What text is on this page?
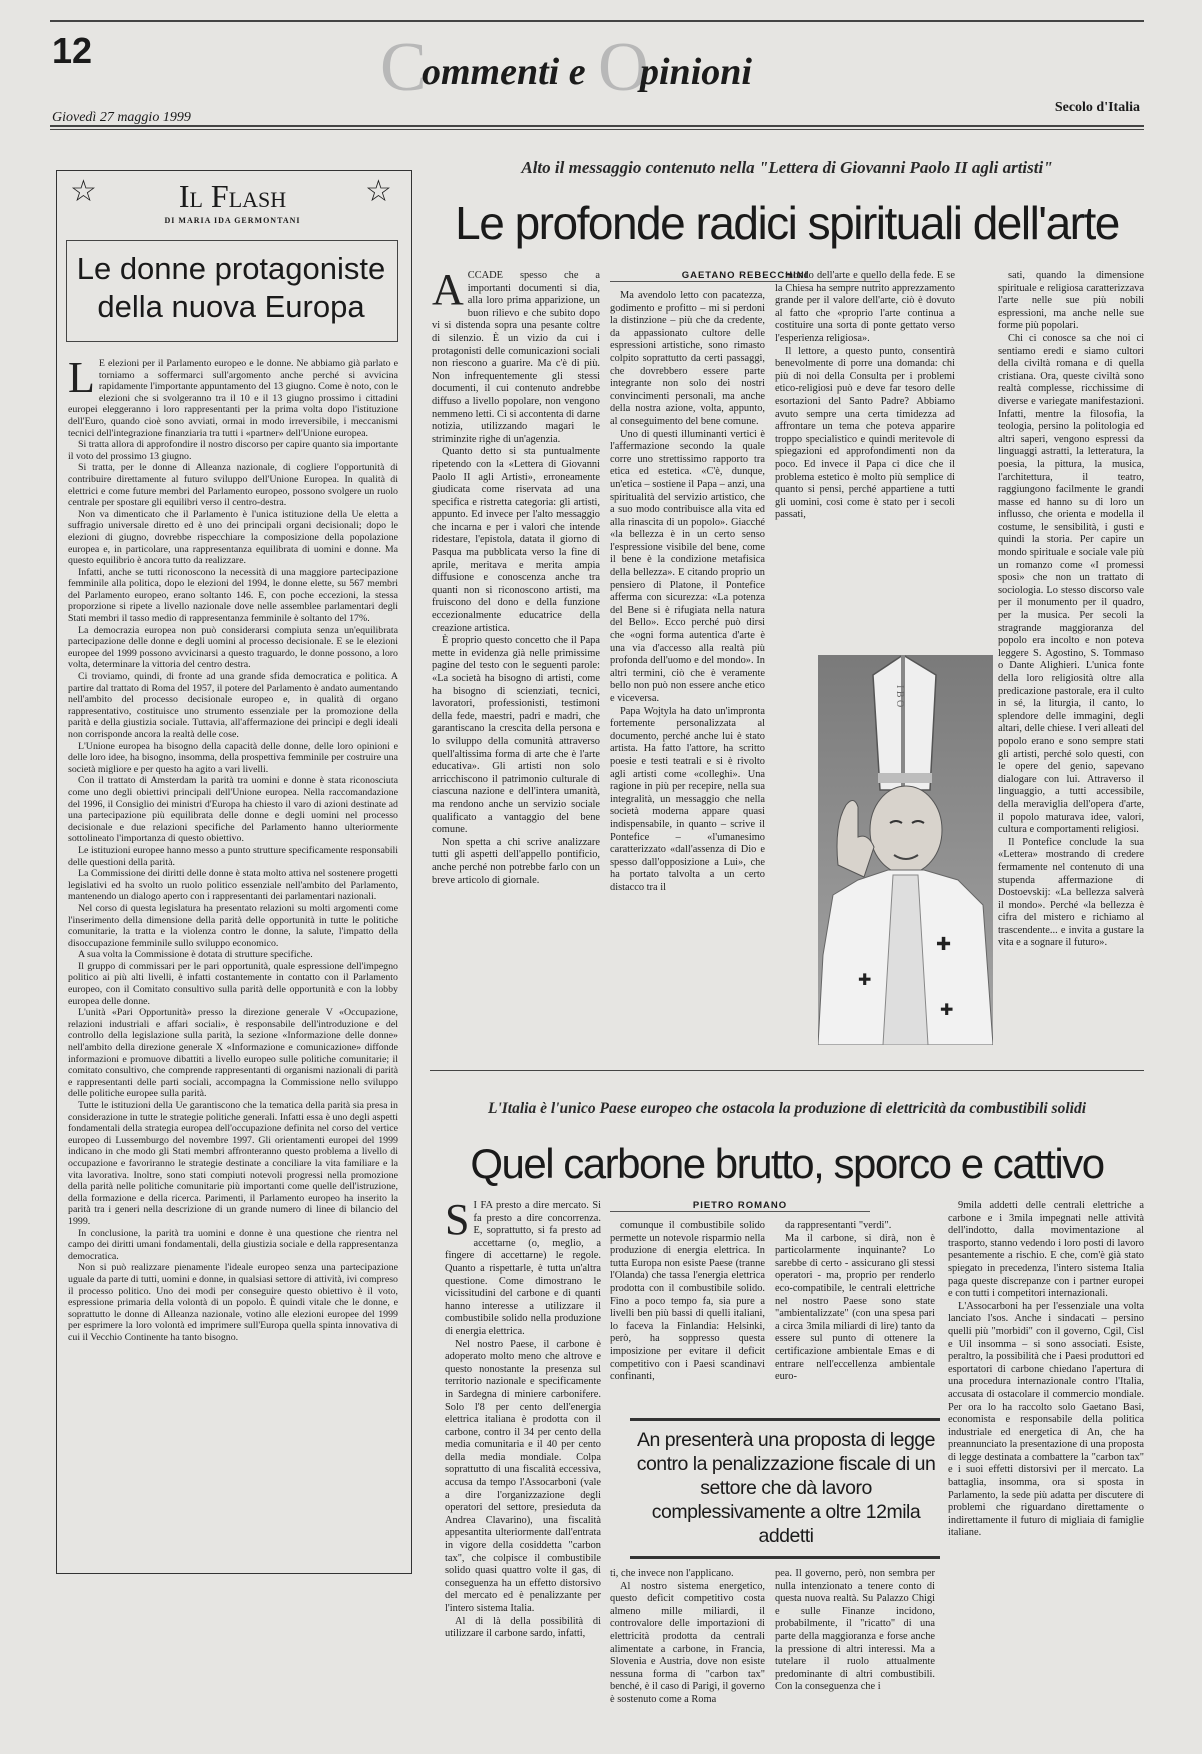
12	C
ommenti e O
pinioni
Giovedì 27 maggio 1999
Secolo d'Italia
☆	☆
Il Flash
DI MARIA IDA GERMONTANI
Le donne protagoniste della nuova Europa

L E elezioni per il Parlamento europeo e le donne. Ne abbiamo già parlato e torniamo a soffermarci sull'argomento anche perché si avvicina rapidamente l'importante appuntamento del 13 giugno. Come è noto, con le elezioni che si svolgeranno tra il 10 e il 13 giugno prossimo i cittadini europei eleggeranno i loro rappresentanti per la prima volta dopo l'istituzione dell'Euro, quando cioè sono avviati, ormai in modo irreversibile, i meccanismi tecnici dell'integrazione finanziaria tra tutti i «partner» dell'Unione europea.

Si tratta allora di approfondire il nostro discorso per capire quanto sia importante il voto del prossimo 13 giugno.

Si tratta, per le donne di Alleanza nazionale, di cogliere l'opportunità di contribuire direttamente al futuro sviluppo dell'Unione Europea. In qualità di elettrici e come future membri del Parlamento europeo, possono svolgere un ruolo centrale per spostare gli equilibri verso il centro-destra.

Non va dimenticato che il Parlamento è l'unica istituzione della Ue eletta a suffragio universale diretto ed è uno dei principali organi decisionali; dopo le elezioni di giugno, dovrebbe rispecchiare la composizione della popolazione europea e, in particolare, una rappresentanza equilibrata di uomini e donne. Ma questo equilibrio è ancora tutto da realizzare.

Infatti, anche se tutti riconoscono la necessità di una maggiore partecipazione femminile alla politica, dopo le elezioni del 1994, le donne elette, su 567 membri del Parlamento europeo, erano soltanto 146. E, con poche eccezioni, la stessa proporzione si ripete a livello nazionale dove nelle assemblee parlamentari degli Stati membri il tasso medio di rappresentanza femminile è soltanto del 17%.

La democrazia europea non può considerarsi compiuta senza un'equilibrata partecipazione delle donne e degli uomini al processo decisionale. E se le elezioni europee del 1999 possono avvicinarsi a questo traguardo, le donne possono, a loro volta, determinare la vittoria del centro destra.

Ci troviamo, quindi, di fronte ad una grande sfida democratica e politica. A partire dal trattato di Roma del 1957, il potere del Parlamento è andato aumentando nell'ambito del processo decisionale europeo e, in qualità di organo rappresentativo, costituisce uno strumento essenziale per la promozione della parità e della giustizia sociale. Tuttavia, all'affermazione dei princìpi e degli ideali non corrisponde ancora la realtà delle cose.

L'Unione europea ha bisogno della capacità delle donne, delle loro opinioni e delle loro idee, ha bisogno, insomma, della prospettiva femminile per costruire una società migliore e per questo ha agito a vari livelli.

Con il trattato di Amsterdam la parità tra uomini e donne è stata riconosciuta come uno degli obiettivi principali dell'Unione europea. Nella raccomandazione del 1996, il Consiglio dei ministri d'Europa ha chiesto il varo di azioni destinate ad una partecipazione più equilibrata delle donne e degli uomini nel processo decisionale e due relazioni specifiche del Parlamento hanno ulteriormente sottolineato l'importanza di questo obiettivo.

Le istituzioni europee hanno messo a punto strutture specificamente responsabili delle questioni della parità.

La Commissione dei diritti delle donne è stata molto attiva nel sostenere progetti legislativi ed ha svolto un ruolo politico essenziale nell'ambito del Parlamento, mantenendo un dialogo aperto con i rappresentanti dei parlamentari nazionali.

Nel corso di questa legislatura ha presentato relazioni su molti argomenti come l'inserimento della dimensione della parità delle opportunità in tutte le politiche comunitarie, la tratta e la violenza contro le donne, la salute, l'impatto della disoccupazione femminile sullo sviluppo economico.

A sua volta la Commissione è dotata di strutture specifiche.

Il gruppo di commissari per le pari opportunità, quale espressione dell'impegno politico ai più alti livelli, è infatti costantemente in contatto con il Parlamento europeo, con il Comitato consultivo sulla parità delle opportunità e con la lobby europea delle donne.

L'unità «Pari Opportunità» presso la direzione generale V «Occupazione, relazioni industriali e affari sociali», è responsabile dell'introduzione e del controllo della legislazione sulla parità, la sezione «Informazione delle donne» nell'ambito della direzione generale X «Informazione e comunicazione» diffonde informazioni e promuove dibattiti a livello europeo sulle politiche comunitarie; il comitato consultivo, che comprende rappresentanti di organismi nazionali di parità e rappresentanti delle parti sociali, accompagna la Commissione nello sviluppo delle politiche europee sulla parità.

Tutte le istituzioni della Ue garantiscono che la tematica della parità sia presa in considerazione in tutte le strategie politiche generali. Infatti essa è uno degli aspetti fondamentali della strategia europea dell'occupazione definita nel corso del vertice europeo di Lussemburgo del novembre 1997. Gli orientamenti europei del 1999 indicano in che modo gli Stati membri affronteranno questo problema a livello di occupazione e favoriranno le strategie destinate a conciliare la vita familiare e la vita lavorativa. Inoltre, sono stati compiuti notevoli progressi nella promozione della parità nelle politiche comunitarie più importanti come quelle dell'istruzione, della formazione e della ricerca. Parimenti, il Parlamento europeo ha inserito la parità tra i generi nella descrizione di un grande numero di linee di bilancio del 1999.

In conclusione, la parità tra uomini e donne è una questione che rientra nel campo dei diritti umani fondamentali, della giustizia sociale e della rappresentanza democratica.

Non si può realizzare pienamente l'ideale europeo senza una partecipazione uguale da parte di tutti, uomini e donne, in qualsiasi settore di attività, ivi compreso il processo politico. Uno dei modi per conseguire questo obiettivo è il voto, espressione primaria della volontà di un popolo. È quindi vitale che le donne, e soprattutto le donne di Alleanza nazionale, votino alle elezioni europee del 1999 per esprimere la loro volontà ed imprimere sull'Europa quella spinta innovativa di cui il Vecchio Continente ha tanto bisogno.

Alto il messaggio contenuto nella "Lettera di Giovanni Paolo II agli artisti"
Le profonde radici spirituali dell'arte

ACCADE spesso che a importanti documenti si dia, alla loro prima apparizione, un buon rilievo e che subito dopo vi si distenda sopra una pesante coltre di silenzio. È un vizio da cui i protagonisti delle comunicazioni sociali non riescono a guarire. Ma c'è di più. Non infrequentemente gli stessi documenti, il cui contenuto andrebbe diffuso a livello popolare, non vengono nemmeno letti. Ci si accontenta di darne notizia, utilizzando magari le striminzite righe di un'agenzia.

Quanto detto si sta puntualmente ripetendo con la «Lettera di Giovanni Paolo II agli Artisti», erroneamente giudicata come riservata ad una specifica e ristretta categoria: gli artisti, appunto. Ed invece per l'alto messaggio che incarna e per i valori che intende ridestare, l'epistola, datata il giorno di Pasqua ma pubblicata verso la fine di aprile, meritava e merita ampia diffusione e conoscenza anche tra quanti non si riconoscono artisti, ma fruiscono del dono e della funzione eccezionalmente educatrice della creazione artistica.

È proprio questo concetto che il Papa mette in evidenza già nelle primissime pagine del testo con le seguenti parole: «La società ha bisogno di artisti, come ha bisogno di scienziati, tecnici, lavoratori, professionisti, testimoni della fede, maestri, padri e madri, che garantiscano la crescita della persona e lo sviluppo della comunità attraverso quell'altissima forma di arte che è l'arte educativa». Gli artisti non solo arricchiscono il patrimonio culturale di ciascuna nazione e dell'intera umanità, ma rendono anche un servizio sociale qualificato a vantaggio del bene comune.

Non spetta a chi scrive analizzare tutti gli aspetti dell'appello pontificio, anche perché non potrebbe farlo con un breve articolo di giornale.

GAETANO REBECCHINI

Ma avendolo letto con pacatezza, godimento e profitto – mi si perdoni la distinzione – più che da credente, da appassionato cultore delle espressioni artistiche, sono rimasto colpito soprattutto da certi passaggi, che dovrebbero essere parte integrante non solo dei nostri convincimenti personali, ma anche della nostra azione, volta, appunto, al conseguimento del bene comune.

Uno di questi illuminanti vertici è l'affermazione secondo la quale corre uno strettissimo rapporto tra etica ed estetica. «C'è, dunque, un'etica – sostiene il Papa – anzi, una spiritualità del servizio artistico, che a suo modo contribuisce alla vita ed alla rinascita di un popolo». Giacché «la bellezza è in un certo senso l'espressione visibile del bene, come il bene è la condizione metafisica della bellezza». E citando proprio un pensiero di Platone, il Pontefice afferma con sicurezza: «La potenza del Bene si è rifugiata nella natura del Bello». Ecco perché può dirsi che «ogni forma autentica d'arte è una via d'accesso alla realtà più profonda dell'uomo e del mondo». In altri termini, ciò che è veramente bello non può non essere anche etico e viceversa.

Papa Wojtyla ha dato un'impronta fortemente personalizzata al documento, perché anche lui è stato artista. Ha fatto l'attore, ha scritto poesie e testi teatrali e si è rivolto agli artisti come «colleghi». Una ragione in più per recepire, nella sua integralità, un messaggio che nella società moderna appare quasi indispensabile, in quanto – scrive il Pontefice – «l'umanesimo caratterizzato «dall'assenza di Dio e spesso dall'opposizione a Lui», che ha portato talvolta a un certo distacco tra il

mondo dell'arte e quello della fede. E se la Chiesa ha sempre nutrito apprezzamento grande per il valore dell'arte, ciò è dovuto al fatto che «proprio l'arte continua a costituire una sorta di ponte gettato verso l'esperienza religiosa».

Il lettore, a questo punto, consentirà benevolmente di porre una domanda: chi più di noi della Consulta per i problemi etico-religiosi può e deve far tesoro delle esortazioni del Santo Padre? Abbiamo avuto sempre una certa timidezza ad affrontare un tema che poteva apparire troppo specialistico e quindi meritevole di spiegazioni ed approfondimenti non da poco. Ed invece il Papa ci dice che il problema estetico è molto più semplice di quanto si pensi, perché appartiene a tutti gli uomini, così come è stato per i secoli passati,

✚
✚
✚
I B O

sati, quando la dimensione spirituale e religiosa caratterizzava l'arte nelle sue più nobili espressioni, ma anche nelle sue forme più popolari.

Chi ci conosce sa che noi ci sentiamo eredi e siamo cultori della civiltà romana e di quella cristiana. Ora, queste civiltà sono realtà complesse, ricchissime di diverse e variegate manifestazioni. Infatti, mentre la filosofia, la teologia, persino la politologia ed altri saperi, vengono espressi da linguaggi astratti, la letteratura, la poesia, la pittura, la musica, l'architettura, il teatro, raggiungono facilmente le grandi masse ed hanno su di loro un influsso, che orienta e modella il costume, le sensibilità, i gusti e quindi la storia. Per capire un mondo spirituale e sociale vale più un romanzo come «I promessi sposi» che non un trattato di sociologia. Lo stesso discorso vale per il monumento per il quadro, per la musica. Per secoli la stragrande maggioranza del popolo era incolto e non poteva leggere S. Agostino, S. Tommaso o Dante Alighieri. L'unica fonte della loro religiosità oltre alla predicazione pastorale, era il culto in sé, la liturgia, il canto, lo splendore delle immagini, degli altari, delle chiese. I veri alleati del popolo erano e sono sempre stati gli artisti, perché solo questi, con le opere del genio, sapevano dialogare con lui. Attraverso il linguaggio, a tutti accessibile, della meraviglia dell'opera d'arte, il popolo maturava idee, valori, cultura e comportamenti religiosi.

Il Pontefice conclude la sua «Lettera» mostrando di credere fermamente nel contenuto di una stupenda affermazione di Dostoevskij: «La bellezza salverà il mondo». Perché «la bellezza è cifra del mistero e richiamo al trascendente... e invita a gustare la vita e a sognare il futuro».

L'Italia è l'unico Paese europeo che ostacola la produzione di elettricità da combustibili solidi
Quel carbone brutto, sporco e cattivo

S I FA presto a dire mercato. Si fa presto a dire concorrenza. E, soprattutto, si fa presto ad accettarne (o, meglio, a fingere di accettarne) le regole. Quanto a rispettarle, è tutta un'altra questione. Come dimostrano le vicissitudini del carbone e di quanti hanno interesse a utilizzare il combustibile solido nella produzione di energia elettrica.

Nel nostro Paese, il carbone è adoperato molto meno che altrove e questo nonostante la presenza sul territorio nazionale e specificamente in Sardegna di miniere carbonifere. Solo l'8 per cento dell'energia elettrica italiana è prodotta con il carbone, contro il 34 per cento della media comunitaria e il 40 per cento della media mondiale. Colpa soprattutto di una fiscalità eccessiva, accusa da tempo l'Assocarboni (vale a dire l'organizzazione degli operatori del settore, presieduta da Andrea Clavarino), una fiscalità appesantita ulteriormente dall'entrata in vigore della cosiddetta "carbon tax", che colpisce il combustibile solido quasi quattro volte il gas, di conseguenza ha un effetto distorsivo del mercato ed è penalizzante per l'intero sistema Italia.

Al di là della possibilità di utilizzare il carbone sardo, infatti,

PIETRO ROMANO

comunque il combustibile solido permette un notevole risparmio nella produzione di energia elettrica. In tutta Europa non esiste Paese (tranne l'Olanda) che tassa l'energia elettrica prodotta con il combustibile solido. Fino a poco tempo fa, sia pure a livelli ben più bassi di quelli italiani, lo faceva la Finlandia: Helsinki, però, ha soppresso questa imposizione per evitare il deficit competitivo con i Paesi scandinavi confinanti,

da rappresentanti "verdi".

Ma il carbone, si dirà, non è particolarmente inquinante? Lo sarebbe di certo - assicurano gli stessi operatori - ma, proprio per renderlo eco-compatibile, le centrali elettriche nel nostro Paese sono state "ambientalizzate" (con una spesa pari a circa 3mila miliardi di lire) tanto da essere sul punto di ottenere la certificazione ambientale Emas e di entrare nell'eccellenza ambientale euro-

An presenterà una proposta di legge contro la penalizzazione fiscale di un settore che dà lavoro complessivamente a oltre 12mila addetti

ti, che invece non l'applicano.

Al nostro sistema energetico, questo deficit competitivo costa almeno mille miliardi, il controvalore delle importazioni di elettricità prodotta da centrali alimentate a carbone, in Francia, Slovenia e Austria, dove non esiste nessuna forma di "carbon tax" benché, è il caso di Parigi, il governo è sostenuto come a Roma

pea. Il governo, però, non sembra per nulla intenzionato a tenere conto di questa nuova realtà. Su Palazzo Chigi e sulle Finanze incidono, probabilmente, il "ricatto" di una parte della maggioranza e forse anche la pressione di altri interessi. Ma a tutelare il ruolo attualmente predominante di altri combustibili. Con la conseguenza che i

9mila addetti delle centrali elettriche a carbone e i 3mila impegnati nelle attività dell'indotto, dalla movimentazione al trasporto, stanno vedendo i loro posti di lavoro pesantemente a rischio. E che, com'è già stato spiegato in precedenza, l'intero sistema Italia paga queste discrepanze con i partner europei e con tutti i competitori internazionali.

L'Assocarboni ha per l'essenziale una volta lanciato l'sos. Anche i sindacati – persino quelli più "morbidi" con il governo, Cgil, Cisl e Uil insomma – si sono associati. Esiste, peraltro, la possibilità che i Paesi produttori ed esportatori di carbone chiedano l'apertura di una procedura internazionale contro l'Italia, accusata di ostacolare il commercio mondiale. Per ora lo ha raccolto solo Gaetano Basi, economista e responsabile della politica industriale ed energetica di An, che ha preannunciato la presentazione di una proposta di legge destinata a combattere la "carbon tax" e i suoi effetti distorsivi per il mercato. La battaglia, insomma, ora si sposta in Parlamento, la sede più adatta per discutere di problemi che riguardano direttamente o indirettamente il futuro di migliaia di famiglie italiane.
